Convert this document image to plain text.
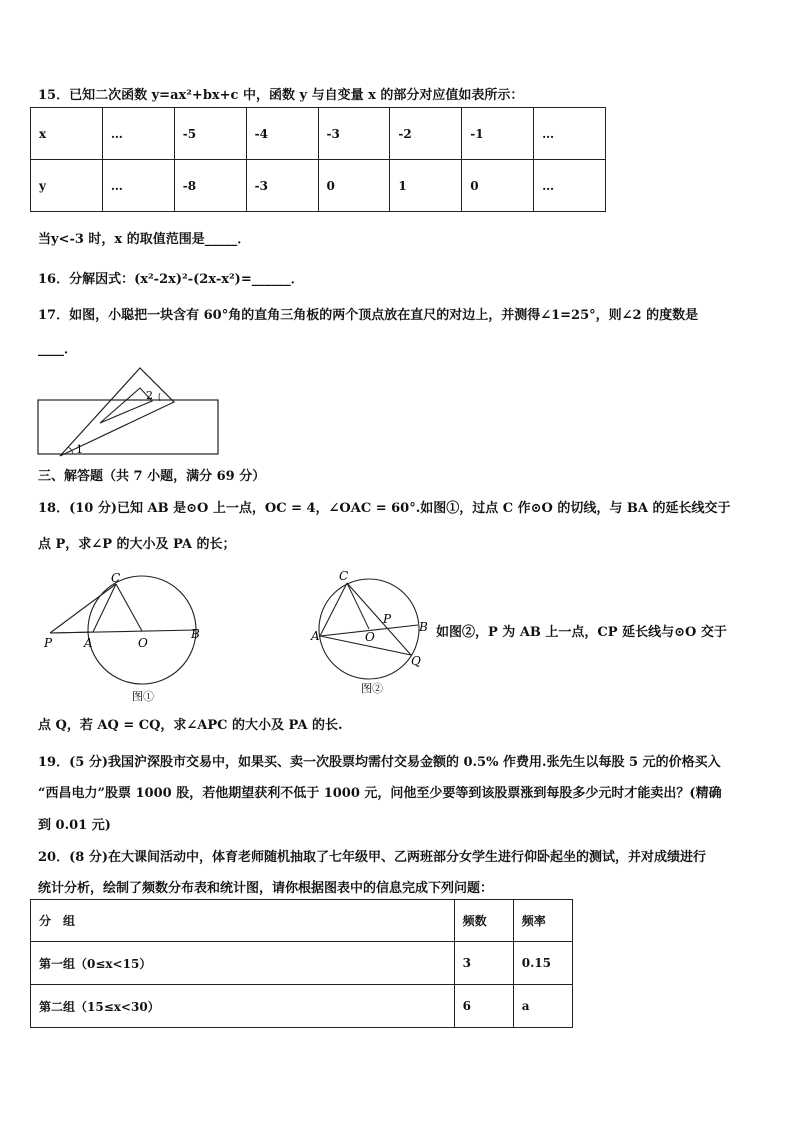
15．已知二次函数 y=ax²+bx+c 中，函数 y 与自变量 x 的部分对应值如表所示：
x	…	-5	-4	-3	-2	-1	…
y	…	-8	-3	0	1	0	…
当y<-3 时，x 的取值范围是_____．
16．分解因式：(x²-2x)²-(2x-x²)=______．
17．如图，小聪把一块含有 60°角的直角三角板的两个顶点放在直尺的对边上，并测得∠1=25°，则∠2 的度数是
____．
1
2
三、解答题（共 7 小题，满分 69 分）
18．(10 分)已知 AB 是⊙O 上一点，OC = 4，∠OAC = 60°.如图①，过点 C 作⊙O 的切线，与 BA 的延长线交于
点 P，求∠P 的大小及 PA 的长；
C
P	A	O
B
图①
C
P
A	O
B
Q
图②
如图②，P 为 AB 上一点，CP 延长线与⊙O 交于
点 Q，若 AQ = CQ，求∠APC 的大小及 PA 的长.
19．(5 分)我国沪深股市交易中，如果买、卖一次股票均需付交易金额的 0.5% 作费用.张先生以每股 5 元的价格买入
“西昌电力”股票 1000 股，若他期望获利不低于 1000 元，问他至少要等到该股票涨到每股多少元时才能卖出？(精确
到 0.01 元)
20．(8 分)在大课间活动中，体育老师随机抽取了七年级甲、乙两班部分女学生进行仰卧起坐的测试，并对成绩进行
统计分析，绘制了频数分布表和统计图，请你根据图表中的信息完成下列问题：
分　组	频数	频率
第一组（0≤x<15）	3	0.15
第二组（15≤x<30）	6	a
